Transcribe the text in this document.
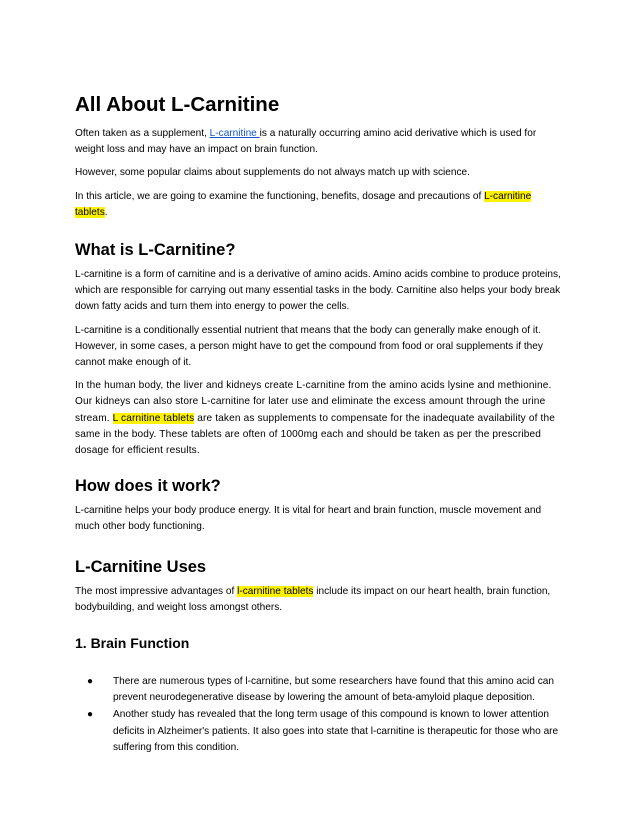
All About L-Carnitine

Often taken as a supplement, L-carnitine is a naturally occurring amino acid derivative which is used for weight loss and may have an impact on brain function.

However, some popular claims about supplements do not always match up with science.

In this article, we are going to examine the functioning, benefits, dosage and precautions of L-carnitine tablets.

What is L-Carnitine?

L-carnitine is a form of carnitine and is a derivative of amino acids. Amino acids combine to produce proteins, which are responsible for carrying out many essential tasks in the body. Carnitine also helps your body break down fatty acids and turn them into energy to power the cells.

L-carnitine is a conditionally essential nutrient that means that the body can generally make enough of it. However, in some cases, a person might have to get the compound from food or oral supplements if they cannot make enough of it.

In the human body, the liver and kidneys create L-carnitine from the amino acids lysine and methionine. Our kidneys can also store L-carnitine for later use and eliminate the excess amount through the urine stream. L carnitine tablets are taken as supplements to compensate for the inadequate availability of the same in the body. These tablets are often of 1000mg each and should be taken as per the prescribed dosage for efficient results.

How does it work?

L-carnitine helps your body produce energy. It is vital for heart and brain function, muscle movement and much other body functioning.

L-Carnitine Uses

The most impressive advantages of l-carnitine tablets include its impact on our heart health, brain function, bodybuilding, and weight loss amongst others.

1. Brain Function
● There are numerous types of l-carnitine, but some researchers have found that this amino acid can prevent neurodegenerative disease by lowering the amount of beta-amyloid plaque deposition.
● Another study has revealed that the long term usage of this compound is known to lower attention deficits in Alzheimer's patients. It also goes into state that l-carnitine is therapeutic for those who are suffering from this condition.
